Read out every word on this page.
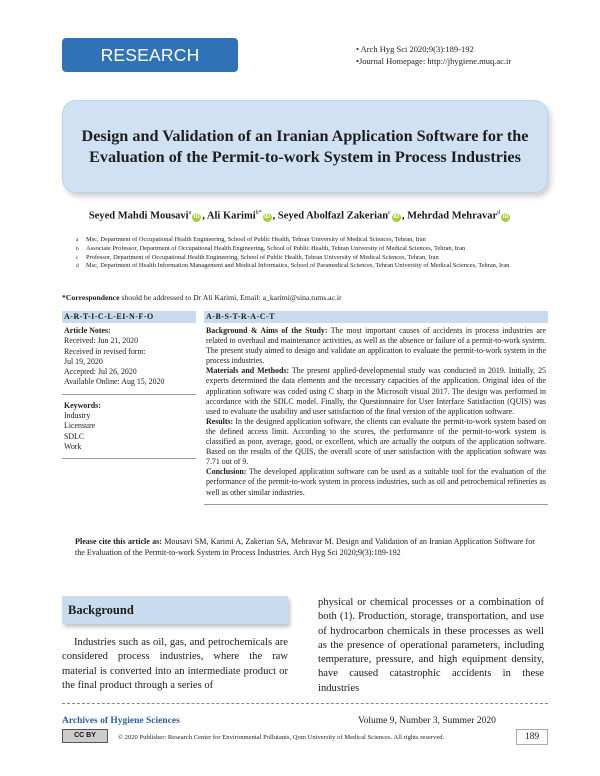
RESEARCH ARTICLE
• Arch Hyg Sci 2020;9(3):189-192
•Journal Homepage: http://jhygiene.muq.ac.ir
Design and Validation of an Iranian Application Software for the Evaluation of the Permit-to-work System in Process Industries
Seyed Mahdi Mousavi$^a$iD , Ali Karimi$^{b*}$iD , Seyed Abolfazl Zakerian$^c$iD , Mehrdad Mehravar$^d$iD
a	Msc, Department of Occupational Health Engineering, School of Public Health, Tehran University of Medical Sciences, Tehran, Iran
b	Associate Professor, Department of Occupational Health Engineering, School of Public Health, Tehran University of Medical Sciences, Tehran, Iran
c	Professor, Department of Occupational Health Engineering, School of Public Health, Tehran University of Medical Sciences, Tehran, Iran
d	Msc, Department of Health Information Management and Medical Informatics, School of Paramedical Sciences, Tehran University of Medical Sciences, Tehran, Iran
*Correspondence should be addressed to Dr Ali Karimi, Email: a_karimi@sina.tums.ac.ir
A-R-T-I-C-L-EI-N-F-O
Article Notes:
Received: Jun 21, 2020
Received in revised form:
Jul 19, 2020
Accepted: Jul 26, 2020
Available Online: Aug 15, 2020
Keywords:
Industry
Licensure
SDLC
Work
A-B-S-T-R-A-C-T

Background & Aims of the Study: The most important causes of accidents in process industries are related to overhaul and maintenance activities, as well as the absence or failure of a permit-to-work system. The present study aimed to design and validate an application to evaluate the permit-to-work system in the process industries.

Materials and Methods: The present applied-developmental study was conducted in 2019. Initially, 25 experts determined the data elements and the necessary capacities of the application. Original idea of the application software was coded using C sharp in the Microsoft visual 2017. The design was performed in accordance with the SDLC model. Finally, the Questionnaire for User Interface Satisfaction (QUIS) was used to evaluate the usability and user satisfaction of the final version of the application software.

Results: In the designed application software, the clients can evaluate the permit-to-work system based on the defined access limit. According to the scores, the performance of the permit-to-work system is classified as poor, average, good, or excellent, which are actually the outputs of the application software. Based on the results of the QUIS, the overall score of user satisfaction with the application software was 7.71 out of 9.

Conclusion: The developed application software can be used as a suitable tool for the evaluation of the performance of the permit-to-work system in process industries, such as oil and petrochemical refineries as well as other similar industries.

Please cite this article as: Mousavi SM, Karimi A, Zakerian SA, Mehravar M. Design and Validation of an Iranian Application Software for the Evaluation of the Permit-to-work System in Process Industries. Arch Hyg Sci 2020;9(3):189-192
Background

Industries such as oil, gas, and petrochemicals are considered process industries, where the raw material is converted into an intermediate product or the final product through a series of

physical or chemical processes or a combination of both (1). Production, storage, transportation, and use of hydrocarbon chemicals in these processes as well as the presence of operational parameters, including temperature, pressure, and high equipment density, have caused catastrophic accidents in these industries

Archives of Hygiene Sciences	Volume 9, Number 3, Summer 2020
CC BY	© 2020 Publisher: Research Center for Environmental Pollutants, Qom University of Medical Sciences. All rights reserved.	189
